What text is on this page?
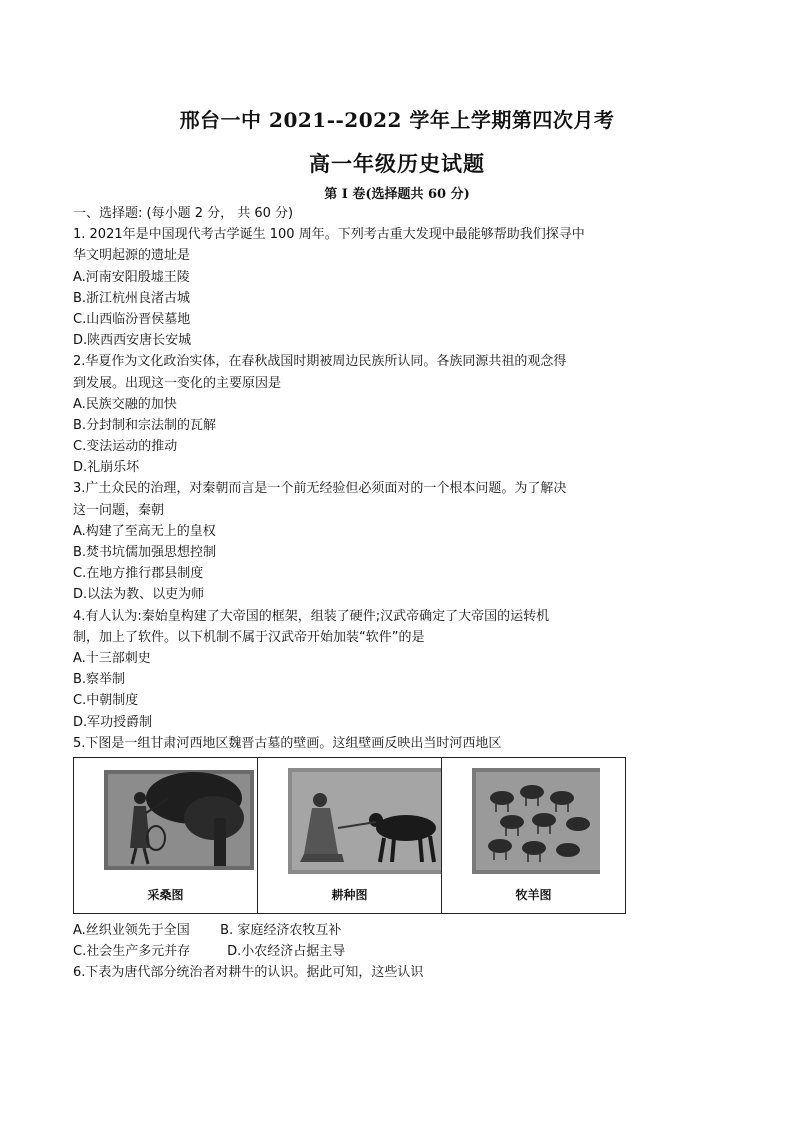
邢台一中 2021--2022 学年上学期第四次月考
高一年级历史试题
第 I 卷(选择题共 60 分)
一、选择题: (每小题 2 分， 共 60 分)
1. 2021年是中国现代考古学诞生 100 周年。下列考古重大发现中最能够帮助我们探寻中
华文明起源的遗址是
A.河南安阳殷墟王陵
B.浙江杭州良渚古城
C.山西临汾晋侯墓地
D.陕西西安唐长安城
2.华夏作为文化政治实体，在春秋战国时期被周边民族所认同。各族同源共祖的观念得
到发展。出现这一变化的主要原因是
A.民族交融的加快
B.分封制和宗法制的瓦解
C.变法运动的推动
D.礼崩乐坏
3.广土众民的治理，对秦朝而言是一个前无经验但必须面对的一个根本问题。为了解决
这一问题，秦朝
A.构建了至高无上的皇权
B.焚书坑儒加强思想控制
C.在地方推行郡县制度
D.以法为教、以吏为师
4.有人认为:秦始皇构建了大帝国的框架，组装了硬件;汉武帝确定了大帝国的运转机
制，加上了软件。以下机制不属于汉武帝开始加装“软件”的是
A.十三部刺史
B.察举制
C.中朝制度
D.军功授爵制
5.下图是一组甘肃河西地区魏晋古墓的壁画。这组壁画反映出当时河西地区
采桑图	耕种图	牧羊图
A.丝织业领先于全国 B. 家庭经济农牧互补
C.社会生产多元并存	D.小农经济占据主导
6.下表为唐代部分统治者对耕牛的认识。据此可知，这些认识
